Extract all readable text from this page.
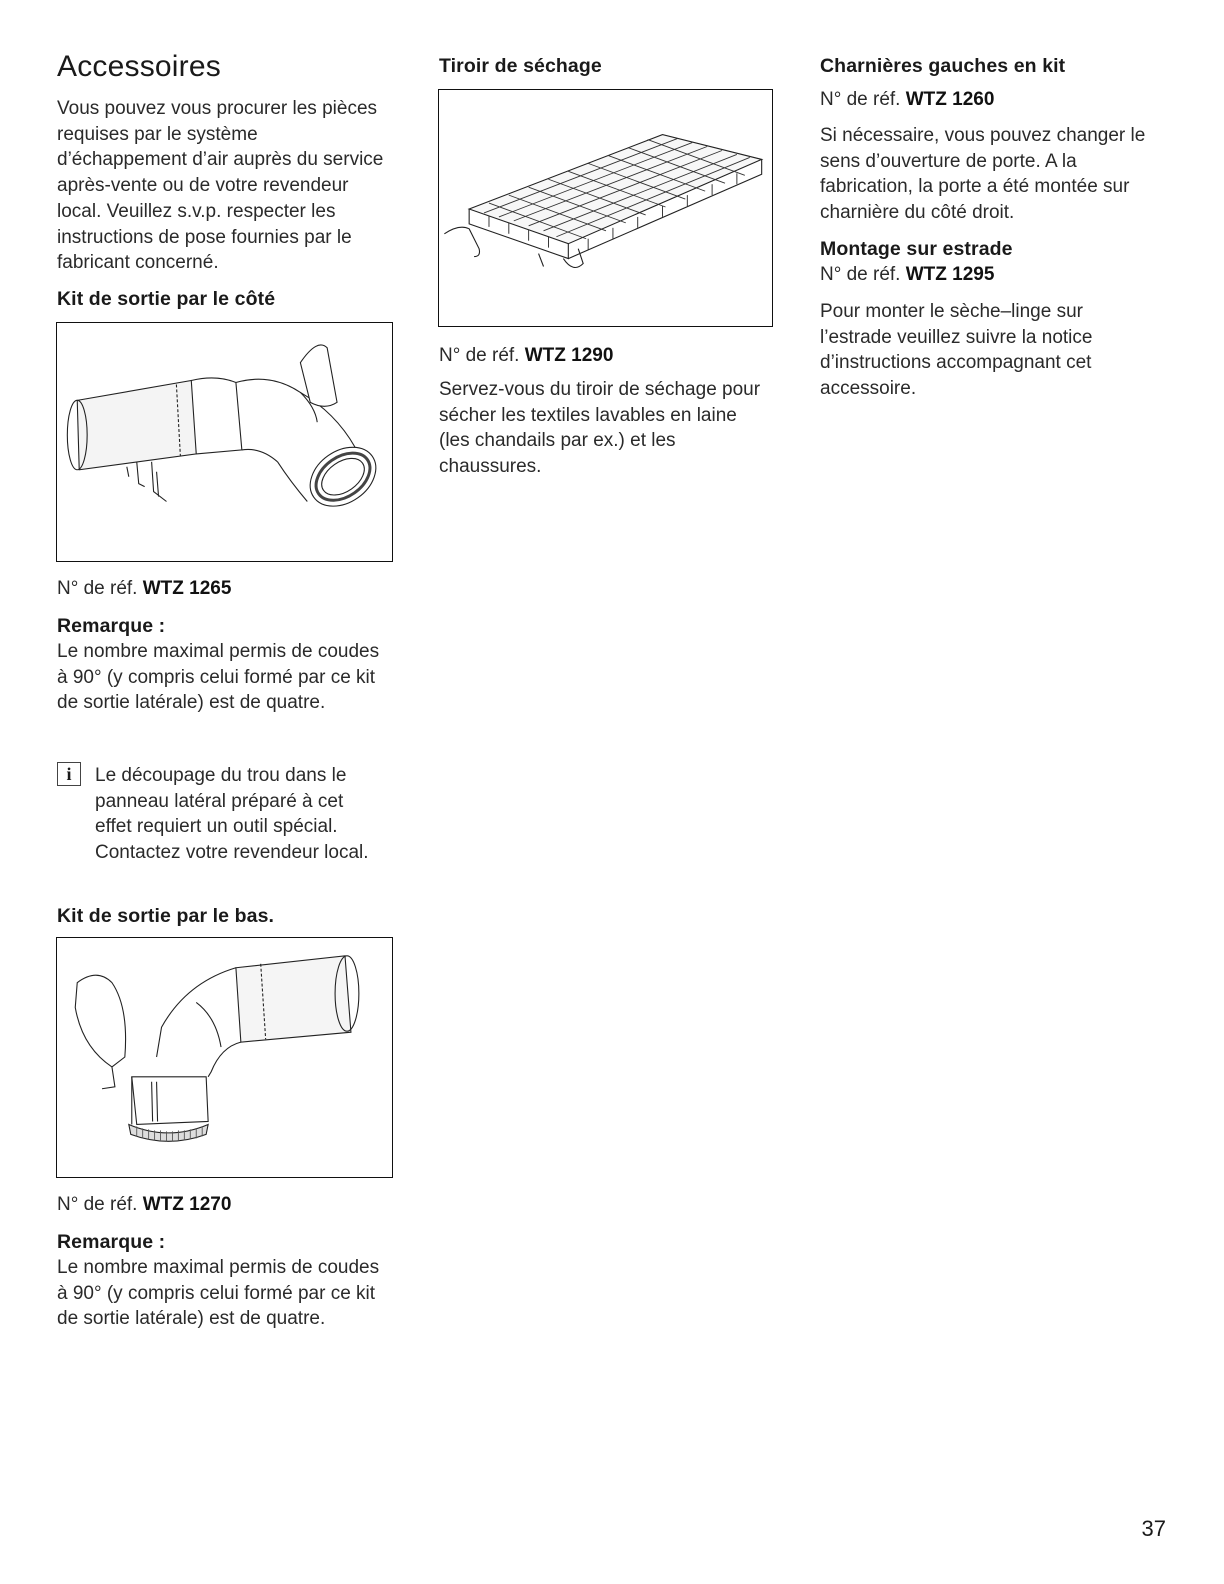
Accessoires

Vous pouvez vous procurer les pièces requises par le système d’échappement d’air auprès du service après-vente ou de votre revendeur local. Veuillez s.v.p. respecter les instructions de pose fournies par le fabricant concerné.

Kit de sortie par le côté

N° de réf. WTZ 1265

Remarque :

Le nombre maximal permis de coudes à 90° (y compris celui formé par ce kit de sortie latérale) est de quatre.

i	Le découpage du trou dans le panneau latéral préparé à cet effet requiert un outil spécial. Contactez votre revendeur local.

Kit de sortie par le bas.

N° de réf. WTZ 1270

Remarque :

Le nombre maximal permis de coudes à 90° (y compris celui formé par ce kit de sortie latérale) est de quatre.

Tiroir de séchage

N° de réf. WTZ 1290

Servez-vous du tiroir de séchage pour sécher les textiles lavables en laine (les chandails par ex.) et les chaussures.

Charnières gauches en kit

N° de réf. WTZ 1260

Si nécessaire, vous pouvez changer le sens d’ouverture de porte. A la fabrication, la porte a été montée sur charnière du côté droit.

Montage sur estrade

N° de réf. WTZ 1295

Pour monter le sèche–linge sur l’estrade veuillez suivre la notice d’instructions accompagnant cet accessoire.

37
